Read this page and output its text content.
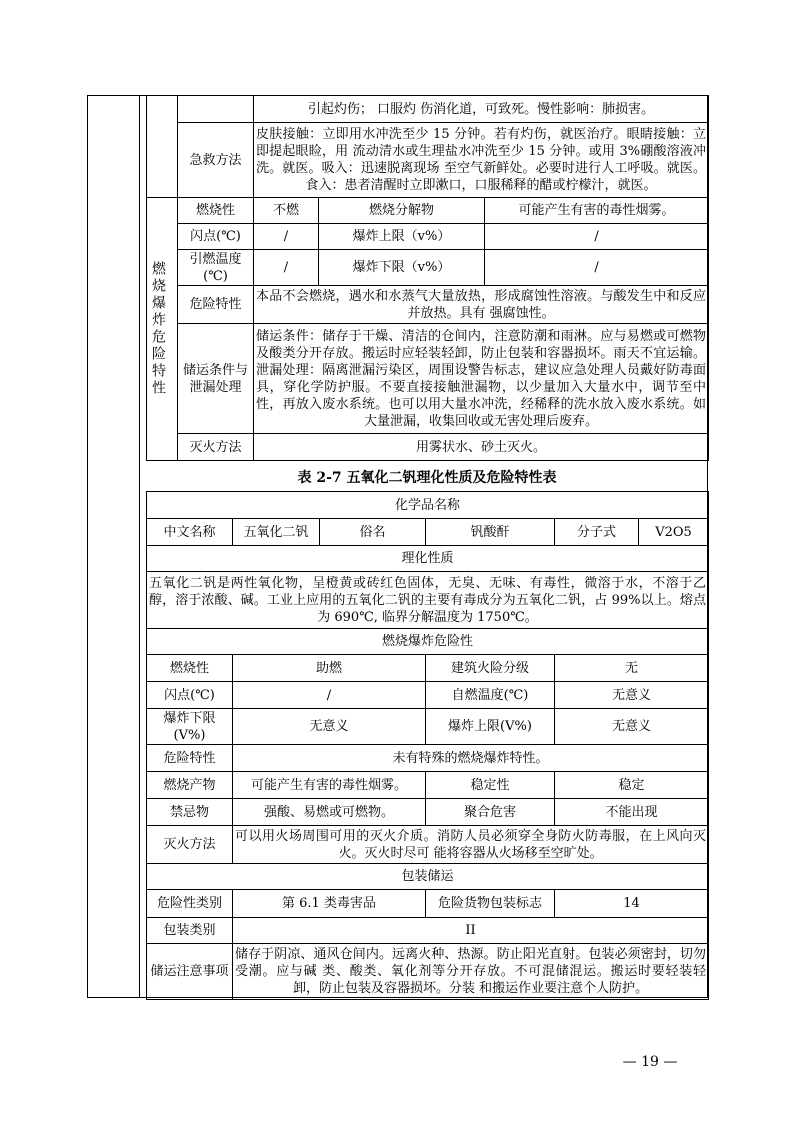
		引起灼伤； 口服灼 伤消化道，可致死。慢性影响：肺损害。		
	急救方法	皮肤接触：立即用水冲洗至少 15 分钟。若有灼伤，就医治疗。眼睛接触：立即提起眼睑，用 流动清水或生理盐水冲洗至少 15 分钟。或用 3%硼酸溶液冲洗。就医。吸入：迅速脱离现场 至空气新鲜处。必要时进行人工呼吸。就医。食入：患者清醒时立即漱口，口服稀释的醋或柠檬汁，就医。		

燃烧爆炸危险特性	燃烧性	不燃	燃烧分解物	可能产生有害的毒性烟雾。
	闪点(℃)	/	爆炸上限（v%）	/
	引燃温度(℃)	/	爆炸下限（v%）	/
	危险特性	本品不会燃烧，遇水和水蒸气大量放热，形成腐蚀性溶液。与酸发生中和反应并放热。具有 强腐蚀性。		
	储运条件与泄漏处理	储运条件：储存于干燥、清洁的仓间内，注意防潮和雨淋。应与易燃或可燃物及酸类分开存放。搬运时应轻装轻卸，防止包装和容器损坏。雨天不宜运输。泄漏处理：隔离泄漏污染区，周围设警告标志，建议应急处理人员戴好防毒面具，穿化学防护服。不要直接接触泄漏物，以少量加入大量水中，调节至中性，再放入废水系统。也可以用大量水冲洗，经稀释的洗水放入废水系统。如大量泄漏，收集回收或无害处理后废弃。		
	灭火方法	用雾状水、砂土灭火。		
表 2-7 五氧化二钒理化性质及危险特性表
化学品名称					
中文名称	五氧化二钒	俗名	钒酸酐	分子式	V2O5
理化性质					
五氧化二钒是两性氧化物，呈橙黄或砖红色固体，无臭、无味、有毒性，微溶于水，不溶于乙醇，溶于浓酸、碱。工业上应用的五氧化二钒的主要有毒成分为五氧化二钒，占 99%以上。熔点为 690℃, 临界分解温度为 1750℃。					
燃烧爆炸危险性					
燃烧性	助燃		建筑火险分级	无	
闪点(℃)	/		自燃温度(℃)	无意义	
爆炸下限(V%)	无意义		爆炸上限(V%)	无意义	
危险特性	未有特殊的燃烧爆炸特性。				
燃烧产物	可能产生有害的毒性烟雾。		稳定性	稳定	
禁忌物	强酸、易燃或可燃物。		聚合危害	不能出现	
灭火方法	可以用火场周围可用的灭火介质。消防人员必须穿全身防火防毒服，在上风向灭火。灭火时尽可 能将容器从火场移至空旷处。				
包装储运					
危险性类别	第 6.1 类毒害品		危险货物包装标志	14	
包装类别	II				
储运注意事项	储存于阴凉、通风仓间内。远离火种、热源。防止阳光直射。包装必须密封，切勿受潮。应与碱 类、酸类、氧化剂等分开存放。不可混储混运。搬运时要轻装轻卸，防止包装及容器损坏。分装 和搬运作业要注意个人防护。				
— 19 —
